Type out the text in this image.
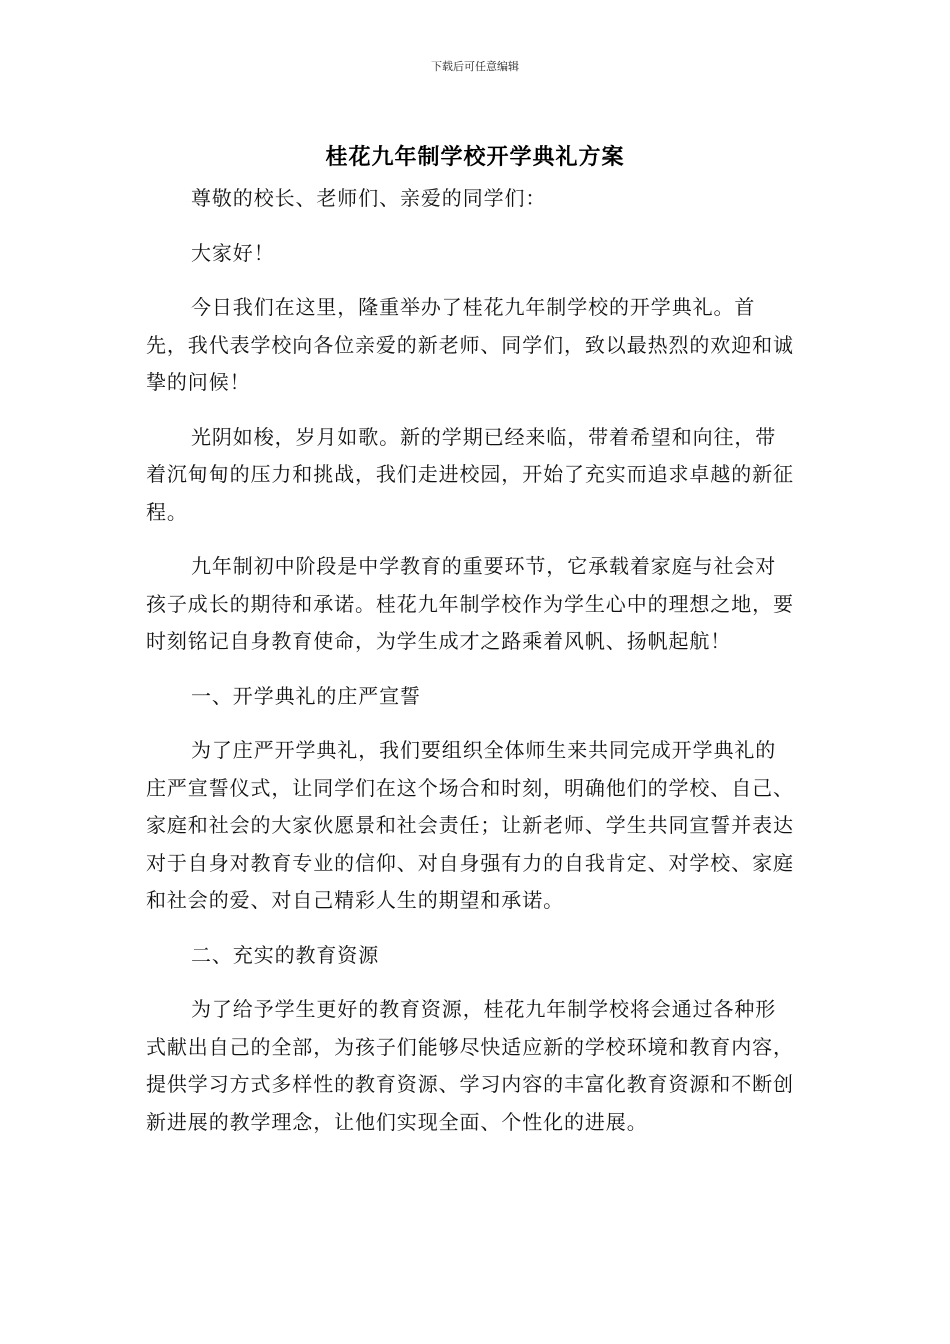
下载后可任意编辑
桂花九年制学校开学典礼方案

尊敬的校长、老师们、亲爱的同学们：

大家好！

今日我们在这里，隆重举办了桂花九年制学校的开学典礼。首先，我代表学校向各位亲爱的新老师、同学们，致以最热烈的欢迎和诚挚的问候！

光阴如梭，岁月如歌。新的学期已经来临，带着希望和向往，带着沉甸甸的压力和挑战，我们走进校园，开始了充实而追求卓越的新征程。

九年制初中阶段是中学教育的重要环节，它承载着家庭与社会对孩子成长的期待和承诺。桂花九年制学校作为学生心中的理想之地，要时刻铭记自身教育使命，为学生成才之路乘着风帆、扬帆起航！

一、开学典礼的庄严宣誓

为了庄严开学典礼，我们要组织全体师生来共同完成开学典礼的庄严宣誓仪式，让同学们在这个场合和时刻，明确他们的学校、自己、家庭和社会的大家伙愿景和社会责任；让新老师、学生共同宣誓并表达对于自身对教育专业的信仰、对自身强有力的自我肯定、对学校、家庭和社会的爱、对自己精彩人生的期望和承诺。

二、充实的教育资源

为了给予学生更好的教育资源，桂花九年制学校将会通过各种形式献出自己的全部，为孩子们能够尽快适应新的学校环境和教育内容，提供学习方式多样性的教育资源、学习内容的丰富化教育资源和不断创新进展的教学理念，让他们实现全面、个性化的进展。
